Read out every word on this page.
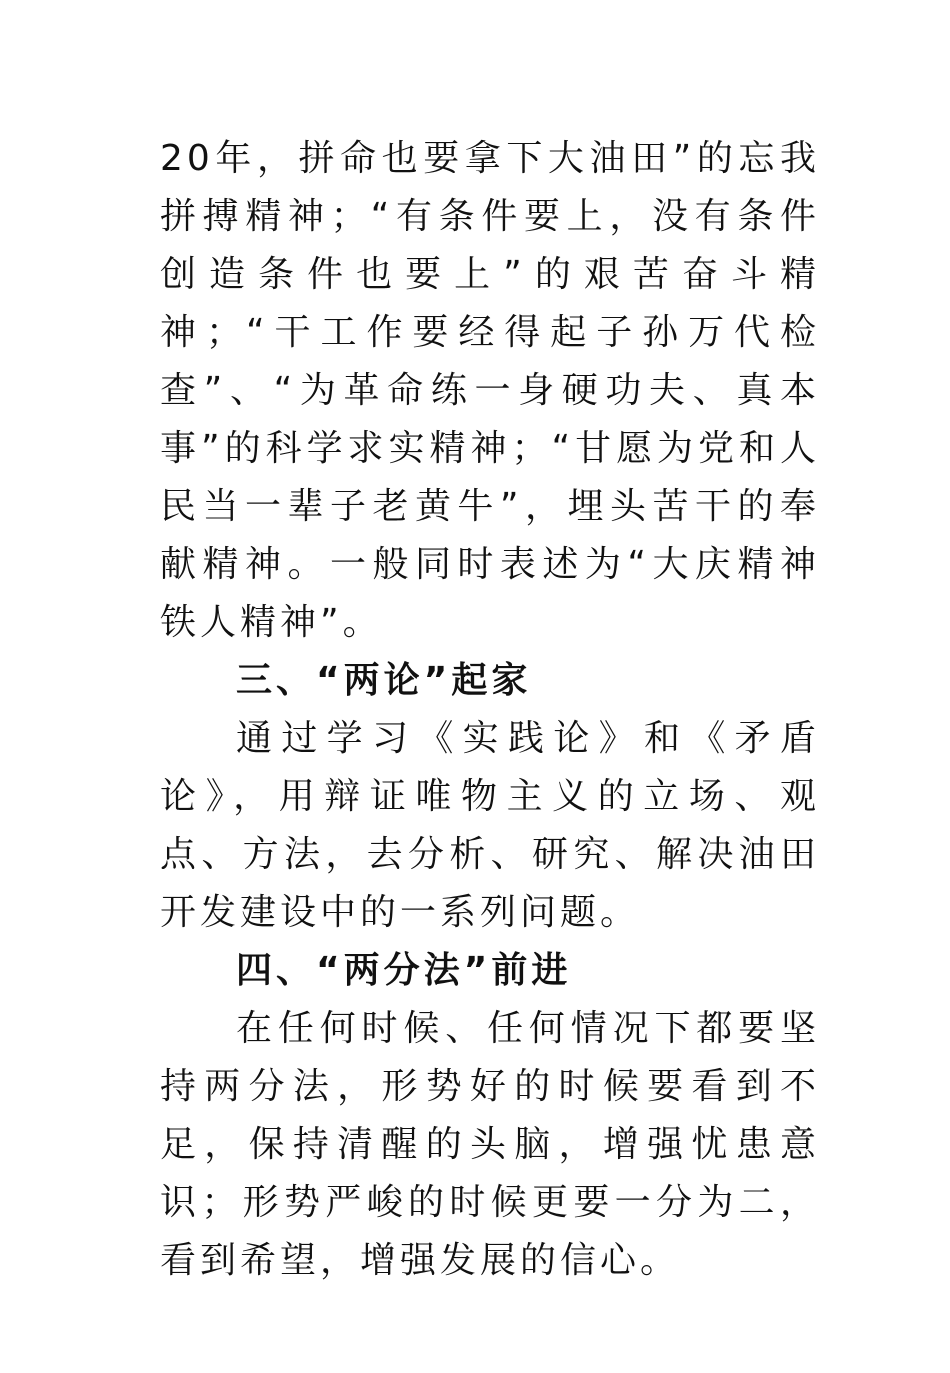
20年，拼命也要拿下大油田”的忘我拼搏精神；“有条件要上，没有条件创造条件也要上”的艰苦奋斗精神；“干工作要经得起子孙万代检查”、“为革命练一身硬功夫、真本事”的科学求实精神；“甘愿为党和人民当一辈子老黄牛”，埋头苦干的奉献精神。一般同时表述为“大庆精神铁人精神”。

三、“两论”起家

通过学习《实践论》和《矛盾论》，用辩证唯物主义的立场、观点、方法，去分析、研究、解决油田开发建设中的一系列问题。

四、“两分法”前进

在任何时候、任何情况下都要坚持两分法，形势好的时候要看到不足，保持清醒的头脑，增强忧患意识；形势严峻的时候更要一分为二，看到希望，增强发展的信心。
